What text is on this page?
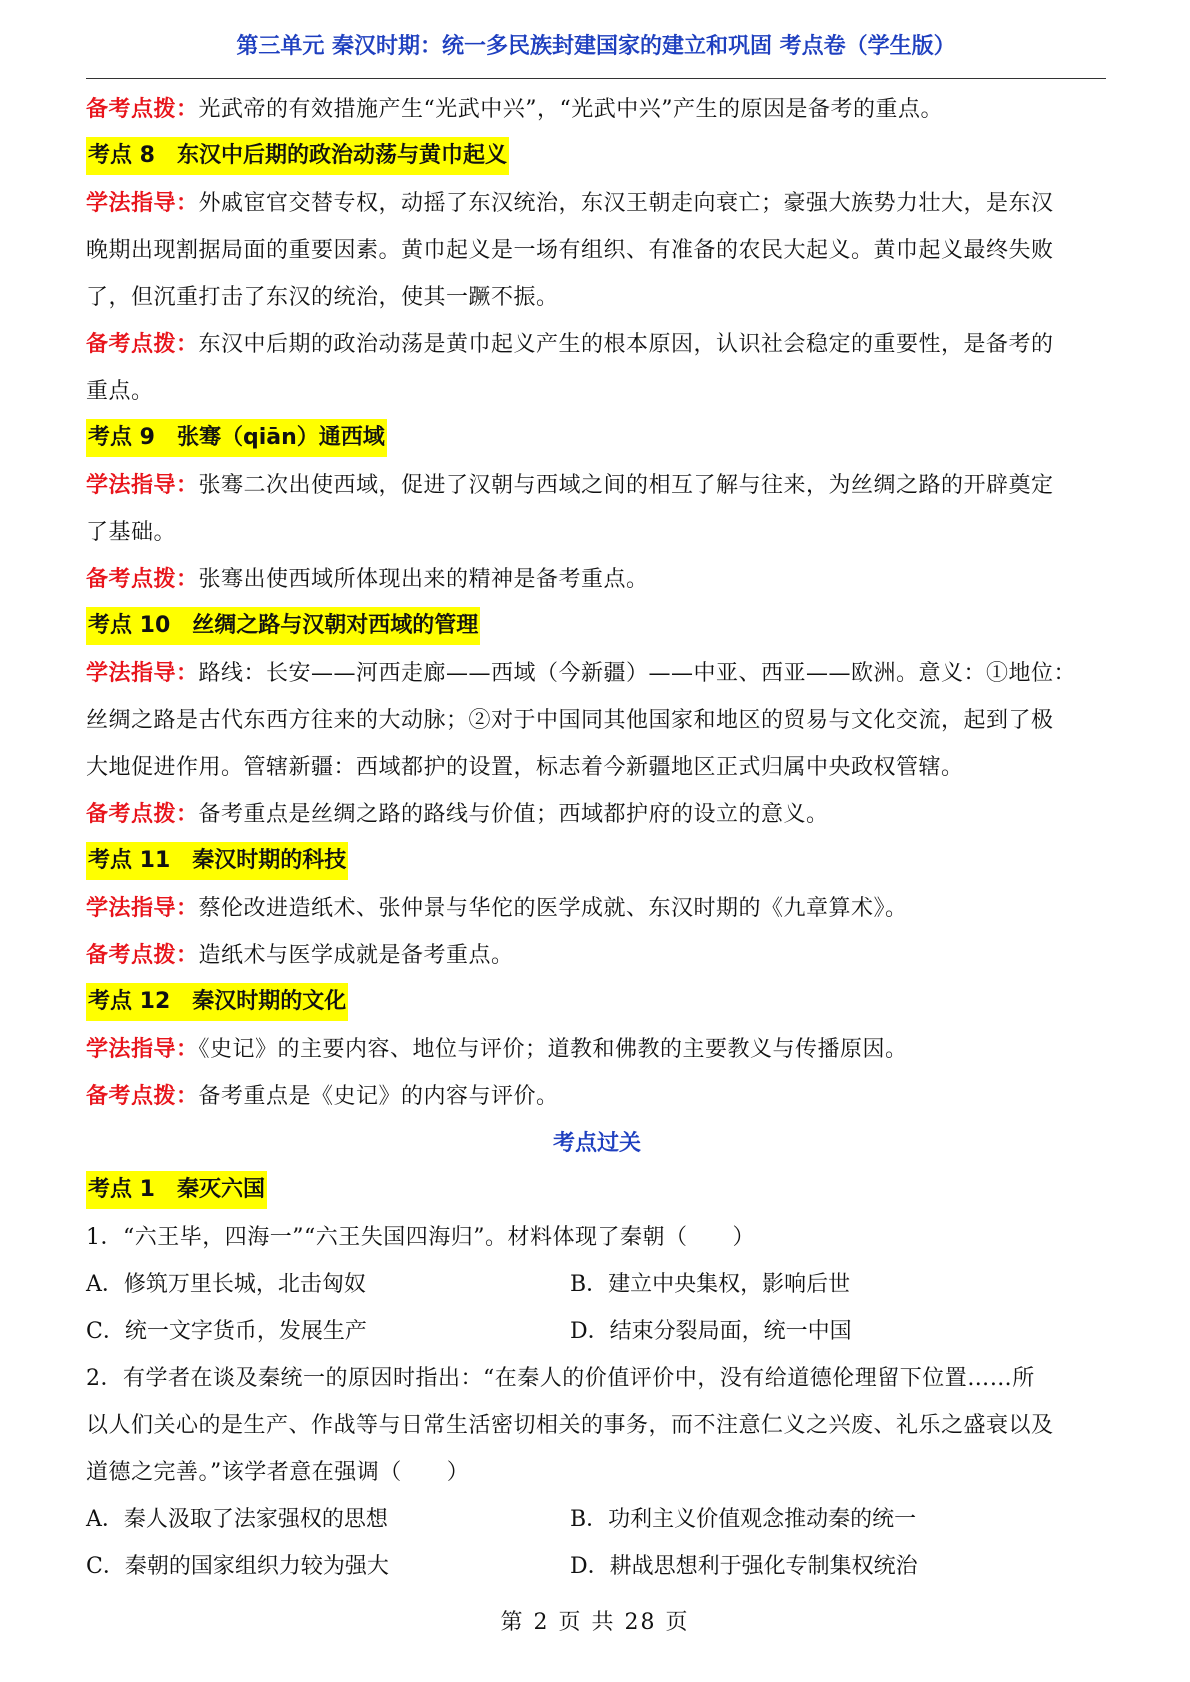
第三单元 秦汉时期：统一多民族封建国家的建立和巩固 考点卷（学生版）

备考点拨：光武帝的有效措施产生“光武中兴”，“光武中兴”产生的原因是备考的重点。

考点 8　东汉中后期的政治动荡与黄巾起义

学法指导：外戚宦官交替专权，动摇了东汉统治，东汉王朝走向衰亡；豪强大族势力壮大，是东汉

晚期出现割据局面的重要因素。黄巾起义是一场有组织、有准备的农民大起义。黄巾起义最终失败

了，但沉重打击了东汉的统治，使其一蹶不振。

备考点拨：东汉中后期的政治动荡是黄巾起义产生的根本原因，认识社会稳定的重要性，是备考的

重点。

考点 9　张骞（qiān）通西域

学法指导：张骞二次出使西域，促进了汉朝与西域之间的相互了解与往来，为丝绸之路的开辟奠定

了基础。

备考点拨：张骞出使西域所体现出来的精神是备考重点。

考点 10　丝绸之路与汉朝对西域的管理

学法指导：路线：长安——河西走廊——西域（今新疆）——中亚、西亚——欧洲。意义：①地位：

丝绸之路是古代东西方往来的大动脉；②对于中国同其他国家和地区的贸易与文化交流，起到了极

大地促进作用。管辖新疆：西域都护的设置，标志着今新疆地区正式归属中央政权管辖。

备考点拨：备考重点是丝绸之路的路线与价值；西域都护府的设立的意义。

考点 11　秦汉时期的科技

学法指导：蔡伦改进造纸术、张仲景与华佗的医学成就、东汉时期的《九章算术》。

备考点拨：造纸术与医学成就是备考重点。

考点 12　秦汉时期的文化

学法指导：《史记》的主要内容、地位与评价；道教和佛教的主要教义与传播原因。

备考点拨：备考重点是《史记》的内容与评价。

考点过关
考点 1　秦灭六国

1．“六王毕，四海一”“六王失国四海归”。材料体现了秦朝（　　）

A．修筑万里长城，北击匈奴	B．建立中央集权，影响后世
C．统一文字货币，发展生产	D．结束分裂局面，统一中国

2．有学者在谈及秦统一的原因时指出：“在秦人的价值评价中，没有给道德伦理留下位置……所

以人们关心的是生产、作战等与日常生活密切相关的事务，而不注意仁义之兴废、礼乐之盛衰以及

道德之完善。”该学者意在强调（　　）

A．秦人汲取了法家强权的思想	B．功利主义价值观念推动秦的统一
C．秦朝的国家组织力较为强大	D．耕战思想利于强化专制集权统治
第 2 页 共 28 页
